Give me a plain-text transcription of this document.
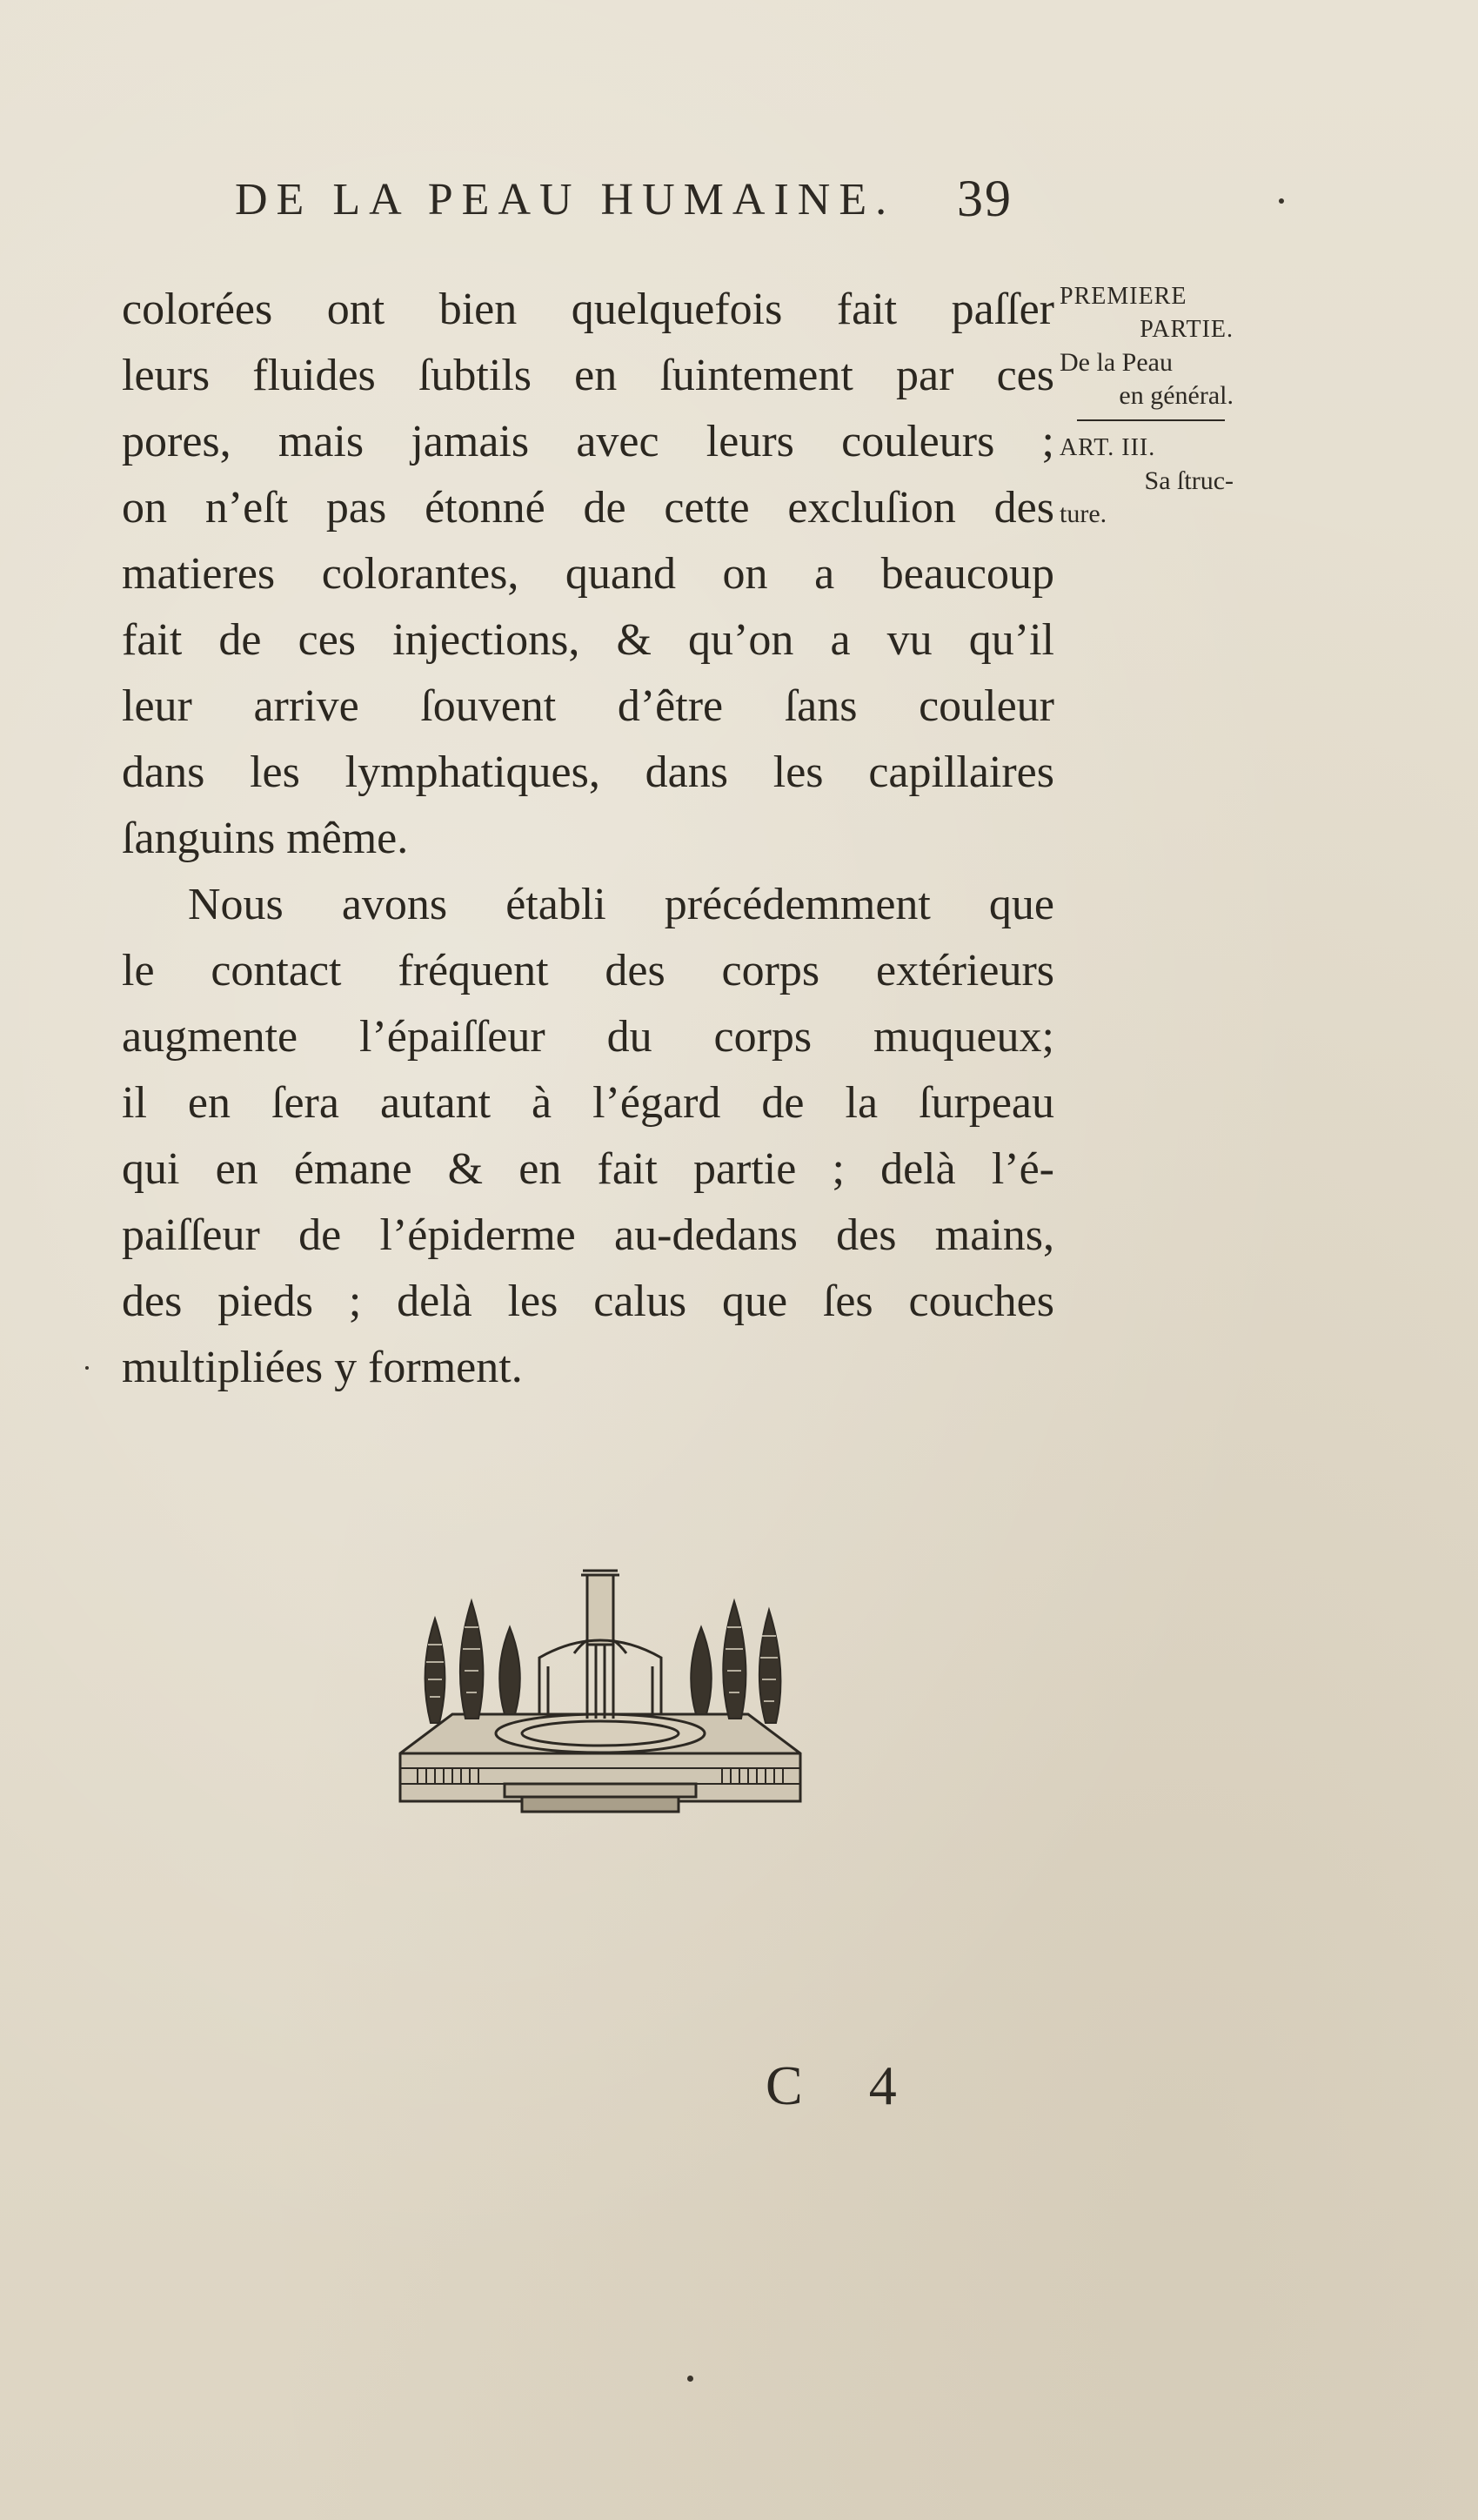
DE LA PEAU HUMAINE. 39
colorées ont bien quelquefois fait paſſer
leurs fluides ſubtils en ſuintement par ces
pores, mais jamais avec leurs couleurs ;
on n’eſt pas étonné de cette excluſion des
matieres colorantes, quand on a beaucoup
fait de ces injections, & qu’on a vu qu’il
leur arrive ſouvent d’être ſans couleur
dans les lymphatiques, dans les capillaires
ſanguins même.
Nous avons établi précédemment que
le contact fréquent des corps extérieurs
augmente l’épaiſſeur du corps muqueux;
il en ſera autant à l’égard de la ſurpeau
qui en émane & en fait partie ; delà l’é-
paiſſeur de l’épiderme au-dedans des mains,
des pieds ; delà les calus que ſes couches
multipliées y forment.
PREMIERE
PARTIE.
De la Peau
en général.
ART. III.
Sa ſtruc-
ture.
C 4
